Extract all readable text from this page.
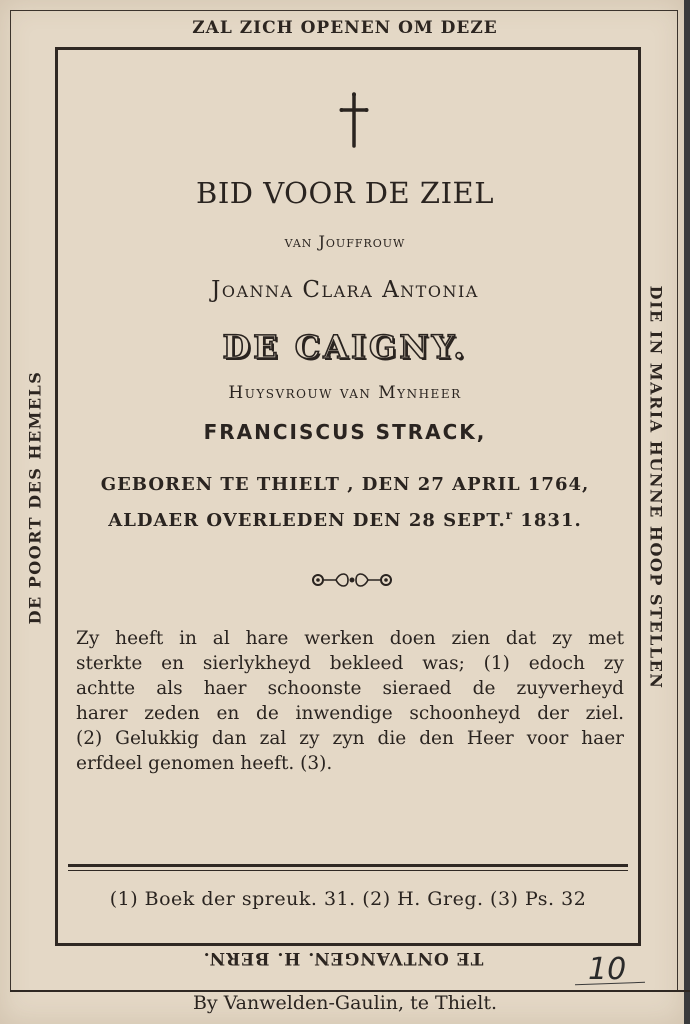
ZAL ZICH OPENEN OM DEZE
DE POORT DES HEMELS	DIE IN MARIA HUNNE HOOP STELLEN
TE ONTVANGEN. H. BERN.
BID VOOR DE ZIEL
van Jouffrouw
Joanna Clara Antonia
DE CAIGNY.
Huysvrouw van Mynheer
FRANCISCUS STRACK,
GEBOREN TE THIELT , DEN 27 APRIL 1764,
ALDAER OVERLEDEN DEN 28 SEPT.$^r$ 1831.
Zy heeft in al hare werken doen zien dat zy met
sterkte en sierlykheyd bekleed was; (1) edoch zy
achtte als haer schoonste sieraed de zuyverheyd
harer zeden en de inwendige schoonheyd der ziel.
(2) Gelukkig dan zal zy zyn die den Heer voor haer
erfdeel genomen heeft. (3).
(1) Boek der spreuk. 31. (2) H. Greg. (3) Ps. 32
10
By Vanwelden-Gaulin, te Thielt.
